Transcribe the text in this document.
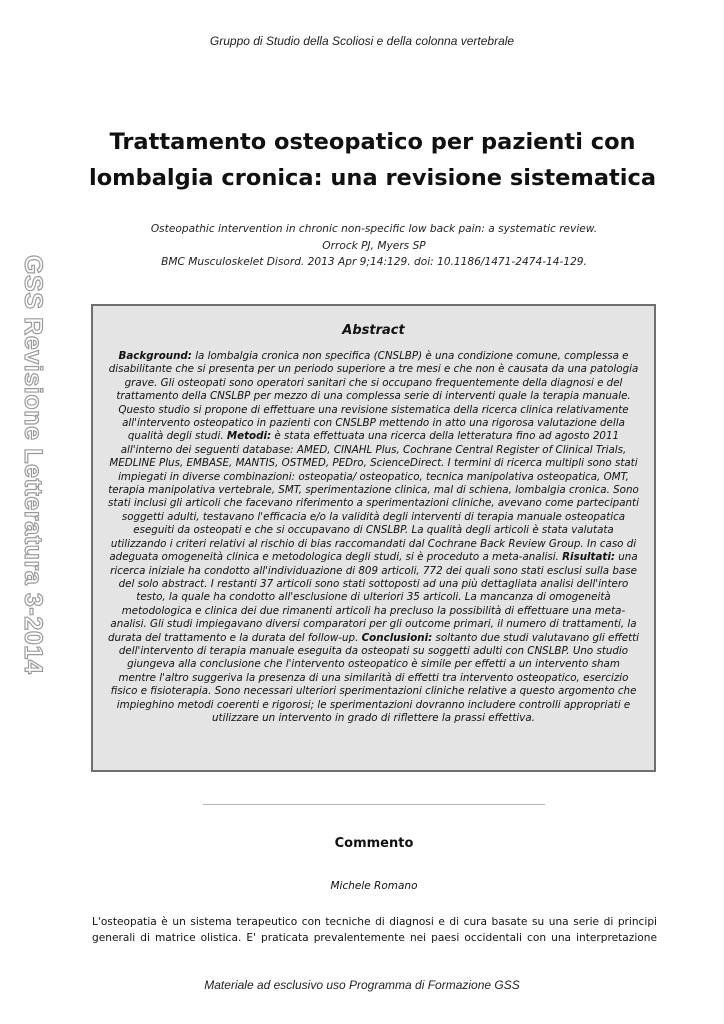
Gruppo di Studio della Scoliosi e della colonna vertebrale
Trattamento osteopatico per pazienti con
lombalgia cronica: una revisione sistematica
Osteopathic intervention in chronic non-specific low back pain: a systematic review.
Orrock PJ, Myers SP
BMC Musculoskelet Disord. 2013 Apr 9;14:129. doi: 10.1186/1471-2474-14-129.
GSS Revisione Letteratura 3-2014	Abstract
Background: la lombalgia cronica non specifica (CNSLBP) è una condizione comune, complessa e disabilitante che si presenta per un periodo superiore a tre mesi e che non è causata da una patologia grave. Gli osteopati sono operatori sanitari che si occupano frequentemente della diagnosi e del trattamento della CNSLBP per mezzo di una complessa serie di interventi quale la terapia manuale. Questo studio si propone di effettuare una revisione sistematica della ricerca clinica relativamente all'intervento osteopatico in pazienti con CNSLBP mettendo in atto una rigorosa valutazione della qualità degli studi. Metodi: è stata effettuata una ricerca della letteratura fino ad agosto 2011 all'interno dei seguenti database: AMED, CINAHL Plus, Cochrane Central Register of Clinical Trials, MEDLINE Plus, EMBASE, MANTIS, OSTMED, PEDro, ScienceDirect. I termini di ricerca multipli sono stati impiegati in diverse combinazioni: osteopatia/ osteopatico, tecnica manipolativa osteopatica, OMT, terapia manipolativa vertebrale, SMT, sperimentazione clinica, mal di schiena, lombalgia cronica. Sono stati inclusi gli articoli che facevano riferimento a sperimentazioni cliniche, avevano come partecipanti soggetti adulti, testavano l'efficacia e/o la validità degli interventi di terapia manuale osteopatica eseguiti da osteopati e che si occupavano di CNSLBP. La qualità degli articoli è stata valutata utilizzando i criteri relativi al rischio di bias raccomandati dal Cochrane Back Review Group. In caso di adeguata omogeneità clinica e metodologica degli studi, si è proceduto a meta-analisi. Risultati: una ricerca iniziale ha condotto all'individuazione di 809 articoli, 772 dei quali sono stati esclusi sulla base del solo abstract. I restanti 37 articoli sono stati sottoposti ad una più dettagliata analisi dell'intero testo, la quale ha condotto all'esclusione di ulteriori 35 articoli. La mancanza di omogeneità metodologica e clinica dei due rimanenti articoli ha precluso la possibilità di effettuare una meta-analisi. Gli studi impiegavano diversi comparatori per gli outcome primari, il numero di trattamenti, la durata del trattamento e la durata del follow-up. Conclusioni: soltanto due studi valutavano gli effetti dell'intervento di terapia manuale eseguita da osteopati su soggetti adulti con CNSLBP. Uno studio giungeva alla conclusione che l'intervento osteopatico è simile per effetti a un intervento sham mentre l'altro suggeriva la presenza di una similarità di effetti tra intervento osteopatico, esercizio fisico e fisioterapia. Sono necessari ulteriori sperimentazioni cliniche relative a questo argomento che impieghino metodi coerenti e rigorosi; le sperimentazioni dovranno includere controlli appropriati e utilizzare un intervento in grado di riflettere la prassi effettiva.
Commento
Michele Romano
L'osteopatia è un sistema terapeutico con tecniche di diagnosi e di cura basate su una serie di principi
generali di matrice olistica. E' praticata prevalentemente nei paesi occidentali con una interpretazione
Materiale ad esclusivo uso Programma di Formazione GSS
